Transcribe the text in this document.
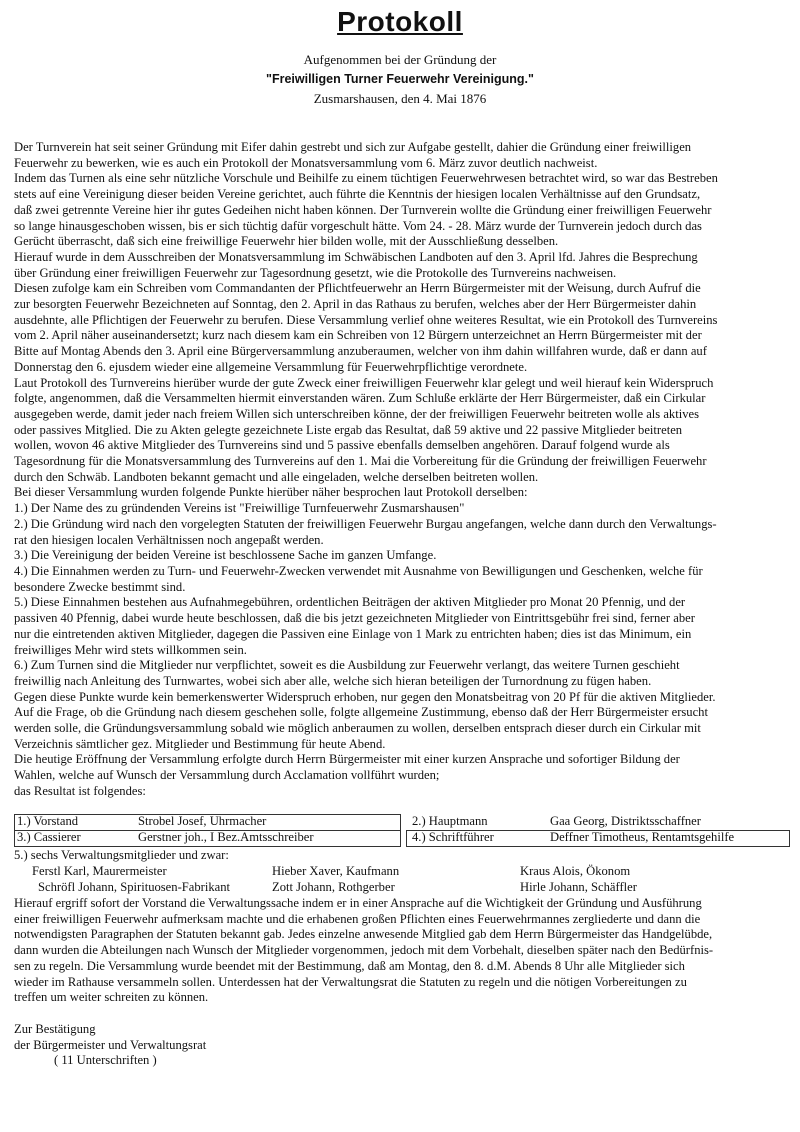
Protokoll
Aufgenommen bei der Gründung der
"Freiwilligen Turner Feuerwehr Vereinigung."
Zusmarshausen, den 4. Mai 1876
Der Turnverein hat seit seiner Gründung mit Eifer dahin gestrebt und sich zur Aufgabe gestellt, dahier die Gründung einer freiwilligen
Feuerwehr zu bewerken, wie es auch ein Protokoll der Monatsversammlung vom 6. März zuvor deutlich nachweist.
Indem das Turnen als eine sehr nützliche Vorschule und Beihilfe zu einem tüchtigen Feuerwehrwesen betrachtet wird, so war das Bestreben
stets auf eine Vereinigung dieser beiden Vereine gerichtet, auch führte die Kenntnis der hiesigen localen Verhältnisse auf den Grundsatz,
daß zwei getrennte Vereine hier ihr gutes Gedeihen nicht haben können. Der Turnverein wollte die Gründung einer freiwilligen Feuerwehr
so lange hinausgeschoben wissen, bis er sich tüchtig dafür vorgeschult hätte. Vom 24. - 28. März wurde der Turnverein jedoch durch das
Gerücht überrascht, daß sich eine freiwillige Feuerwehr hier bilden wolle, mit der Ausschließung desselben.
Hierauf wurde in dem Ausschreiben der Monatsversammlung im Schwäbischen Landboten auf den 3. April lfd. Jahres die Besprechung
über Gründung einer freiwilligen Feuerwehr zur Tagesordnung gesetzt, wie die Protokolle des Turnvereins nachweisen.
Diesen zufolge kam ein Schreiben vom Commandanten der Pflichtfeuerwehr an Herrn Bürgermeister mit der Weisung, durch Aufruf die
zur besorgten Feuerwehr Bezeichneten auf Sonntag, den 2. April in das Rathaus zu berufen, welches aber der Herr Bürgermeister dahin
ausdehnte, alle Pflichtigen der Feuerwehr zu berufen. Diese Versammlung verlief ohne weiteres Resultat, wie ein Protokoll des Turnvereins
vom 2. April näher auseinandersetzt; kurz nach diesem kam ein Schreiben von 12 Bürgern unterzeichnet an Herrn Bürgermeister mit der
Bitte auf Montag Abends den 3. April eine Bürgerversammlung anzuberaumen, welcher von ihm dahin willfahren wurde, daß er dann auf
Donnerstag den 6. ejusdem wieder eine allgemeine Versammlung für Feuerwehrpflichtige verordnete.
Laut Protokoll des Turnvereins hierüber wurde der gute Zweck einer freiwilligen Feuerwehr klar gelegt und weil hierauf kein Widerspruch
folgte, angenommen, daß die Versammelten hiermit einverstanden wären. Zum Schluße erklärte der Herr Bürgermeister, daß ein Cirkular
ausgegeben werde, damit jeder nach freiem Willen sich unterschreiben könne, der der freiwilligen Feuerwehr beitreten wolle als aktives
oder passives Mitglied. Die zu Akten gelegte gezeichnete Liste ergab das Resultat, daß 59 aktive und 22 passive Mitglieder beitreten
wollen, wovon 46 aktive Mitglieder des Turnvereins sind und 5 passive ebenfalls demselben angehören. Darauf folgend wurde als
Tagesordnung für die Monatsversammlung des Turnvereins auf den 1. Mai die Vorbereitung für die Gründung der freiwilligen Feuerwehr
durch den Schwäb. Landboten bekannt gemacht und alle eingeladen, welche derselben beitreten wollen.
Bei dieser Versammlung wurden folgende Punkte hierüber näher besprochen laut Protokoll derselben:
1.) Der Name des zu gründenden Vereins ist "Freiwillige Turnfeuerwehr Zusmarshausen"
2.) Die Gründung wird nach den vorgelegten Statuten der freiwilligen Feuerwehr Burgau angefangen, welche dann durch den Verwaltungs-
rat den hiesigen localen Verhältnissen noch angepaßt werden.
3.) Die Vereinigung der beiden Vereine ist beschlossene Sache im ganzen Umfange.
4.) Die Einnahmen werden zu Turn- und Feuerwehr-Zwecken verwendet mit Ausnahme von Bewilligungen und Geschenken, welche für
besondere Zwecke bestimmt sind.
5.) Diese Einnahmen bestehen aus Aufnahmegebühren, ordentlichen Beiträgen der aktiven Mitglieder pro Monat 20 Pfennig, und der
passiven 40 Pfennig, dabei wurde heute beschlossen, daß die bis jetzt gezeichneten Mitglieder von Eintrittsgebühr frei sind, ferner aber
nur die eintretenden aktiven Mitglieder, dagegen die Passiven eine Einlage von 1 Mark zu entrichten haben; dies ist das Minimum, ein
freiwilliges Mehr wird stets willkommen sein.
6.) Zum Turnen sind die Mitglieder nur verpflichtet, soweit es die Ausbildung zur Feuerwehr verlangt, das weitere Turnen geschieht
freiwillig nach Anleitung des Turnwartes, wobei sich aber alle, welche sich hieran beteiligen der Turnordnung zu fügen haben.
Gegen diese Punkte wurde kein bemerkenswerter Widerspruch erhoben, nur gegen den Monatsbeitrag von 20 Pf für die aktiven Mitglieder.
Auf die Frage, ob die Gründung nach diesem geschehen solle, folgte allgemeine Zustimmung, ebenso daß der Herr Bürgermeister ersucht
werden solle, die Gründungsversammlung sobald wie möglich anberaumen zu wollen, derselben entsprach dieser durch ein Cirkular mit
Verzeichnis sämtlicher gez. Mitglieder und Bestimmung für heute Abend.
Die heutige Eröffnung der Versammlung erfolgte durch Herrn Bürgermeister mit einer kurzen Ansprache und sofortiger Bildung der
Wahlen, welche auf Wunsch der Versammlung durch Acclamation vollführt wurden;
das Resultat ist folgendes:
1.) Vorstand	Strobel Josef, Uhrmacher	2.) Hauptmann	Gaa Georg, Distriktsschaffner
3.) Cassierer	Gerstner joh., I Bez.Amtsschreiber	4.) Schriftführer	Deffner Timotheus, Rentamtsgehilfe
5.) sechs Verwaltungsmitglieder und zwar:
Ferstl Karl, Maurermeister	Hieber Xaver, Kaufmann	Kraus Alois, Ökonom
Schröfl Johann, Spirituosen-Fabrikant	Zott Johann, Rothgerber	Hirle Johann, Schäffler
Hierauf ergriff sofort der Vorstand die Verwaltungssache indem er in einer Ansprache auf die Wichtigkeit der Gründung und Ausführung
einer freiwilligen Feuerwehr aufmerksam machte und die erhabenen großen Pflichten eines Feuerwehrmannes zergliederte und dann die
notwendigsten Paragraphen der Statuten bekannt gab. Jedes einzelne anwesende Mitglied gab dem Herrn Bürgermeister das Handgelübde,
dann wurden die Abteilungen nach Wunsch der Mitglieder vorgenommen, jedoch mit dem Vorbehalt, dieselben später nach den Bedürfnis-
sen zu regeln. Die Versammlung wurde beendet mit der Bestimmung, daß am Montag, den 8. d.M. Abends 8 Uhr alle Mitglieder sich
wieder im Rathause versammeln sollen. Unterdessen hat der Verwaltungsrat die Statuten zu regeln und die nötigen Vorbereitungen zu
treffen um weiter schreiten zu können.
Zur Bestätigung
der Bürgermeister und Verwaltungsrat
( 11 Unterschriften )
